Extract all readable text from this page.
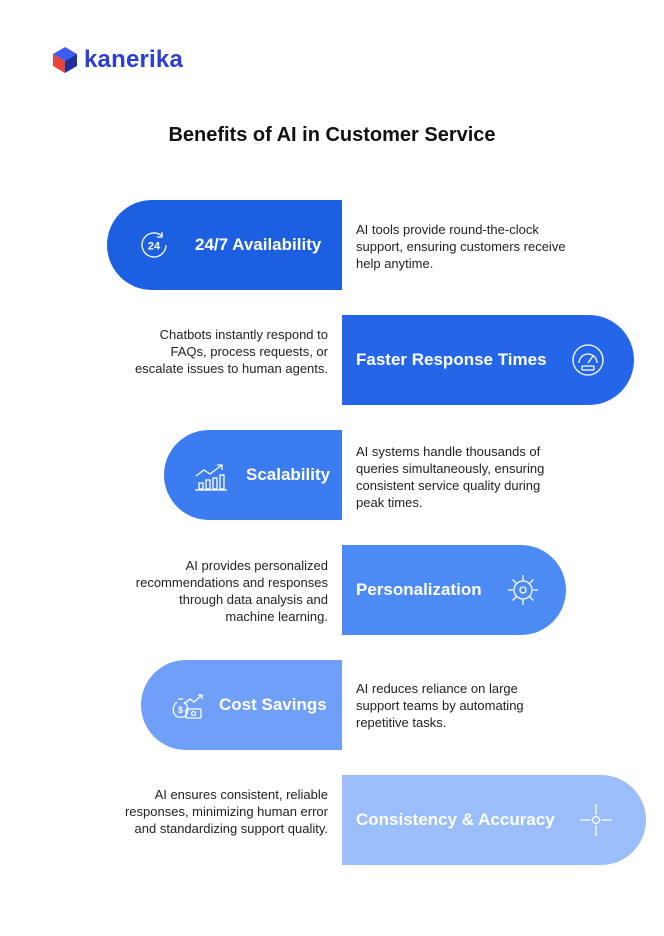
kanerika
Benefits of AI in Customer Service
24 24/7 Availability
AI tools provide round-the-clock support, ensuring customers receive help anytime.
Faster Response Times
Chatbots instantly respond to FAQs, process requests, or escalate issues to human agents.
Scalability
AI systems handle thousands of queries simultaneously, ensuring consistent service quality during peak times.
Personalization
AI provides personalized recommendations and responses through data analysis and machine learning.
$ Cost Savings
AI reduces reliance on large support teams by automating repetitive tasks.
Consistency & Accuracy
AI ensures consistent, reliable responses, minimizing human error and standardizing support quality.
